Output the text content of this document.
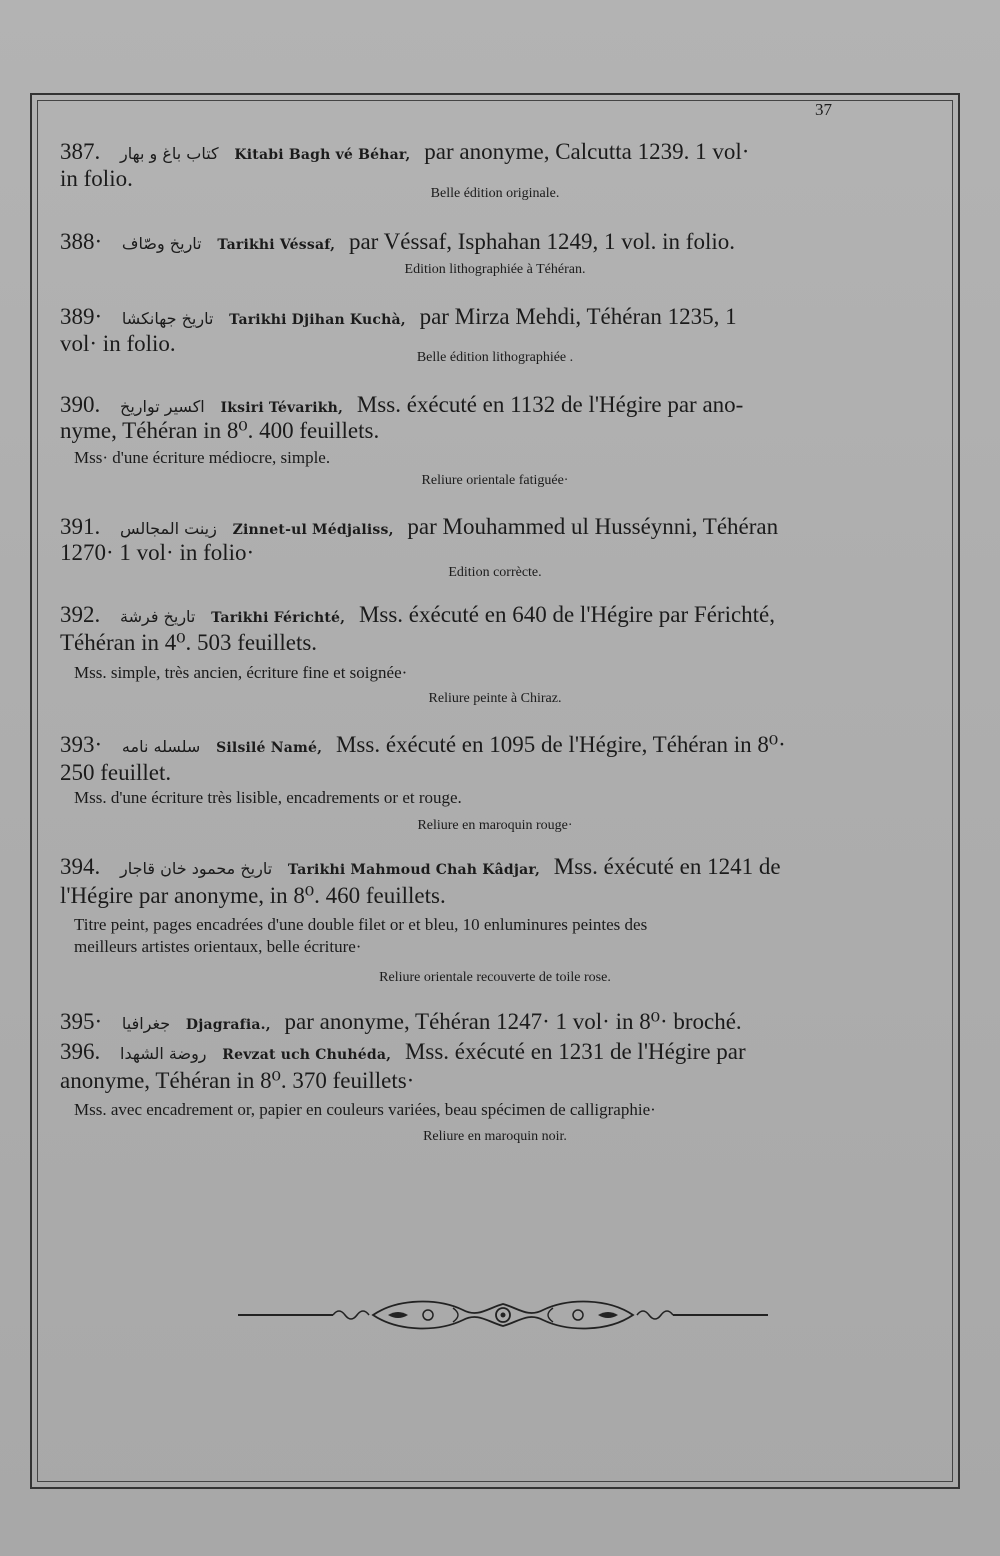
37
387. کتاب باغ و بهار Kitabi Bagh vé Béhar, par anonyme, Calcutta 1239. 1 vol·
in folio.
Belle édition originale.
388· تاریخ وصّاف Tarikhi Véssaf, par Véssaf, Isphahan 1249, 1 vol. in folio.
Edition lithographiée à Téhéran.
389· تاریخ جهانکشا Tarikhi Djihan Kuchà, par Mirza Mehdi, Téhéran 1235, 1
vol· in folio.
Belle édition lithographiée .
390. اکسیر تواریخ Iksiri Tévarikh, Mss. éxécuté en 1132 de l'Hégire par ano-
nyme, Téhéran in 8⁰. 400 feuillets.
Mss· d'une écriture médiocre, simple.
Reliure orientale fatiguée·
391. زینت المجالس Zinnet-ul Médjaliss, par Mouhammed ul Husséynni, Téhéran
1270· 1 vol· in folio·
Edition corrècte.
392. تاریخ فرشة Tarikhi Férichté, Mss. éxécuté en 640 de l'Hégire par Férichté,
Téhéran in 4⁰. 503 feuillets.
Mss. simple, très ancien, écriture fine et soignée·
Reliure peinte à Chiraz.
393· سلسله نامه Silsilé Namé, Mss. éxécuté en 1095 de l'Hégire, Téhéran in 8⁰·
250 feuillet.
Mss. d'une écriture très lisible, encadrements or et rouge.
Reliure en maroquin rouge·
394. تاریخ محمود خان قاجار Tarikhi Mahmoud Chah Kâdjar, Mss. éxécuté en 1241 de
l'Hégire par anonyme, in 8⁰. 460 feuillets.
Titre peint, pages encadrées d'une double filet or et bleu, 10 enluminures peintes des
meilleurs artistes orientaux, belle écriture·
Reliure orientale recouverte de toile rose.
395· جغرافیا Djagrafia., par anonyme, Téhéran 1247· 1 vol· in 8⁰· broché.
396. روضة الشهدا Revzat uch Chuhéda, Mss. éxécuté en 1231 de l'Hégire par
anonyme, Téhéran in 8⁰. 370 feuillets·
Mss. avec encadrement or, papier en couleurs variées, beau spécimen de calligraphie·
Reliure en maroquin noir.
